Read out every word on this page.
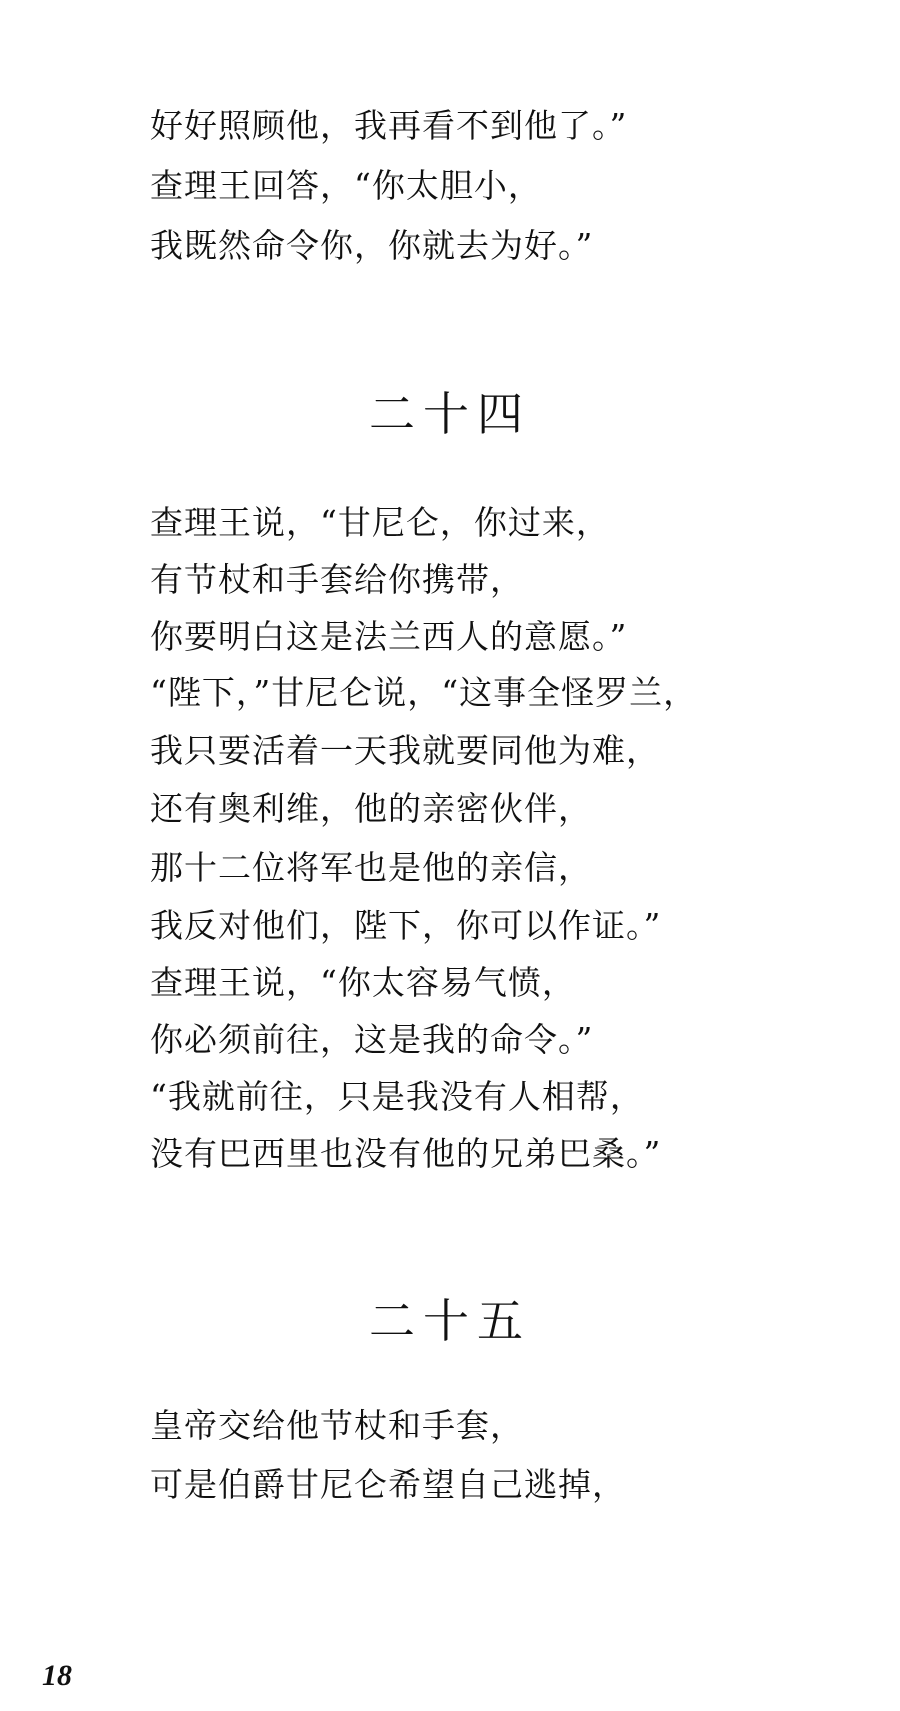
好好照顾他，我再看不到他了。”
查理王回答，“你太胆小，
我既然命令你，你就去为好。”
二十四
查理王说，“甘尼仑，你过来，
有节杖和手套给你携带，
你要明白这是法兰西人的意愿。”
“陛下，”甘尼仑说，“这事全怪罗兰，
我只要活着一天我就要同他为难，
还有奥利维，他的亲密伙伴，
那十二位将军也是他的亲信，
我反对他们，陛下，你可以作证。”
查理王说，“你太容易气愤，
你必须前往，这是我的命令。”
“我就前往，只是我没有人相帮，
没有巴西里也没有他的兄弟巴桑。”
二十五
皇帝交给他节杖和手套，
可是伯爵甘尼仑希望自己逃掉，
18
